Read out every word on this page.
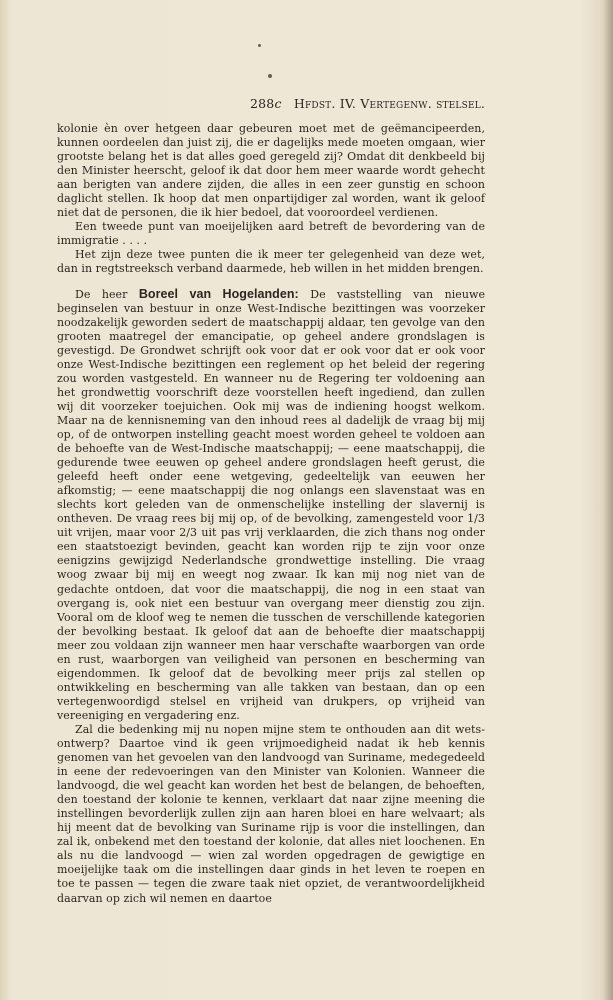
288c Hfdst. IV. Vertegenw. stelsel.

kolonie èn over hetgeen daar gebeuren moet met de geëmancipeerden, kunnen oordeelen dan juist zij, die er dagelijks mede moeten omgaan, wier grootste belang het is dat alles goed geregeld zij? Omdat dit denkbeeld bij den Minister heerscht, geloof ik dat door hem meer waarde wordt gehecht aan berigten van andere zijden, die alles in een zeer gunstig en schoon daglicht stellen. Ik hoop dat men onpartijdiger zal worden, want ik geloof niet dat de personen, die ik hier bedoel, dat vooroordeel verdienen.

Een tweede punt van moeijelijken aard betreft de bevordering van de immigratie . . . .

Het zijn deze twee punten die ik meer ter gelegenheid van deze wet, dan in regtstreeksch verband daarmede, heb willen in het midden brengen.

De heer Boreel van Hogelanden: De vaststelling van nieuwe beginselen van bestuur in onze West-Indische bezittingen was voorzeker noodzakelijk geworden sedert de maatschappij aldaar, ten gevolge van den grooten maatregel der emancipatie, op geheel andere grondslagen is gevestigd. De Grondwet schrijft ook voor dat er ook voor dat er ook voor onze West-Indische bezittingen een reglement op het beleid der regering zou worden vastgesteld. En wanneer nu de Regering ter voldoening aan het grondwettig voorschrift deze voorstellen heeft ingediend, dan zullen wij dit voorzeker toejuichen. Ook mij was de indiening hoogst welkom. Maar na de kennisneming van den inhoud rees al dadelijk de vraag bij mij op, of de ontworpen instelling geacht moest worden geheel te voldoen aan de behoefte van de West-Indische maatschappij; — eene maatschappij, die gedurende twee eeuwen op geheel andere grondslagen heeft gerust, die geleefd heeft onder eene wetgeving, gedeeltelijk van eeuwen her afkomstig; — eene maatschappij die nog onlangs een slavenstaat was en slechts kort geleden van de onmenschelijke instelling der slavernij is ontheven. De vraag rees bij mij op, of de bevolking, zamengesteld voor 1/3 uit vrijen, maar voor 2/3 uit pas vrij verklaarden, die zich thans nog onder een staatstoezigt bevinden, geacht kan worden rijp te zijn voor onze eenigzins gewijzigd Nederlandsche grondwettige instelling. Die vraag woog zwaar bij mij en weegt nog zwaar. Ik kan mij nog niet van de gedachte ontdoen, dat voor die maatschappij, die nog in een staat van overgang is, ook niet een bestuur van overgang meer dienstig zou zijn. Vooral om de kloof weg te nemen die tusschen de verschillende kategorien der bevolking bestaat. Ik geloof dat aan de behoefte dier maatschappij meer zou voldaan zijn wanneer men haar verschafte waarborgen van orde en rust, waarborgen van veiligheid van personen en bescherming van eigendommen. Ik geloof dat de bevolking meer prijs zal stellen op ontwikkeling en bescherming van alle takken van bestaan, dan op een vertegenwoordigd stelsel en vrijheid van drukpers, op vrijheid van vereeniging en vergadering enz.

Zal die bedenking mij nu nopen mijne stem te onthouden aan dit wets-ontwerp? Daartoe vind ik geen vrijmoedigheid nadat ik heb kennis genomen van het gevoelen van den landvoogd van Suriname, medegedeeld in eene der redevoeringen van den Minister van Kolonien. Wanneer die landvoogd, die wel geacht kan worden het best de belangen, de behoeften, den toestand der kolonie te kennen, verklaart dat naar zijne meening die instellingen bevorderlijk zullen zijn aan haren bloei en hare welvaart; als hij meent dat de bevolking van Suriname rijp is voor die instellingen, dan zal ik, onbekend met den toestand der kolonie, dat alles niet loochenen. En als nu die landvoogd — wien zal worden opgedragen de gewigtige en moeijelijke taak om die instellingen daar ginds in het leven te roepen en toe te passen — tegen die zware taak niet opziet, de verantwoordelijkheid daarvan op zich wil nemen en daartoe
